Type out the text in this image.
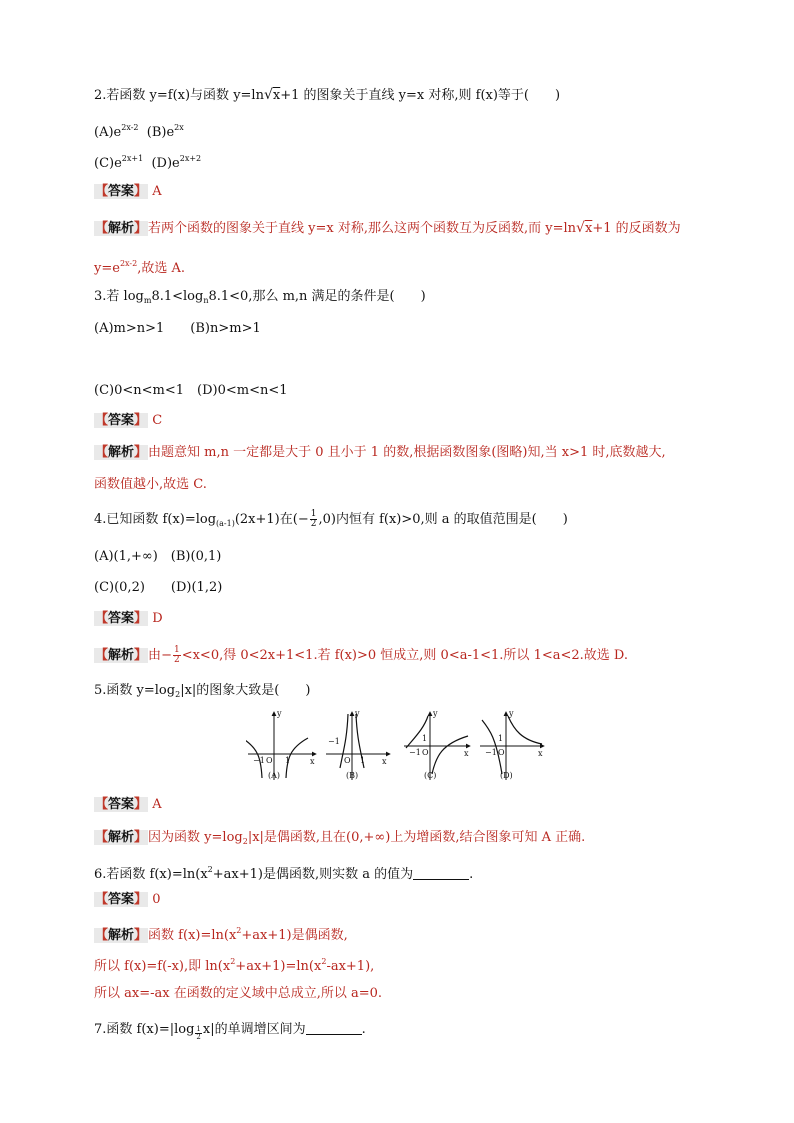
2.若函数 y=f(x)与函数 y=ln√x+1 的图象关于直线 y=x 对称,则 f(x)等于(　　)
$(A)e^{2x-2}$  $(B)e^{2x}$
$(C)e^{2x+1}$  $(D)e^{2x+2}$
【答案】 A
【解析】若两个函数的图象关于直线 y=x 对称,那么这两个函数互为反函数,而 y=ln√x+1 的反函数为
$y=e^{2x-2}$,故选 A.
3.若 $\log_m8.1<\log_n8.1<0$,那么 m,n 满足的条件是(　　)
(A)m>n>1　　(B)n>m>1
(C)0<n<m<1　(D)0<m<n<1
【答案】 C
【解析】由题意知 m,n 一定都是大于 0 且小于 1 的数,根据函数图象(图略)知,当 x>1 时,底数越大,
函数值越小,故选 C.
4.已知函数 $f(x)=\log_{(a-1)}(2x+1)$在(− $\frac{1}{2} ,0$)内恒有 f(x)>0,则 a 的取值范围是(　　)
(A)(1,+∞)　(B)(0,1)
(C)(0,2)　　(D)(1,2)
【答案】 D
【解析】由− $\frac{1}{2} <x<0$,得 0<2x+1<1.若 f(x)>0 恒成立,则 0<a-1<1.所以 1<a<2.故选 D.
5.函数 $y=\log_2|x|$的图象大致是(　　)
y
x
O
−1	1
(A)
y
x
O
−1
1
(B)
y
x
O
−1
1
(C)
y
x
O
−1
1
(D)
【答案】 A
【解析】因为函数 $y=\log_2|x|$是偶函数,且在(0,+∞)上为增函数,结合图象可知 A 正确.
6.若函数 $f(x)=\ln(x^2+ax+1)$是偶函数,则实数 a 的值为	.
【答案】 0
【解析】函数 $f(x)=\ln(x^2+ax+1)$是偶函数,
所以 f(x)=f(-x),即 $\ln(x^2+ax+1)=\ln(x^2-ax+1)$,
所以 ax=-ax 在函数的定义域中总成立,所以 a=0.
7.函数 $f(x)=|\log \frac{1}{2} x|$的单调增区间为	.
